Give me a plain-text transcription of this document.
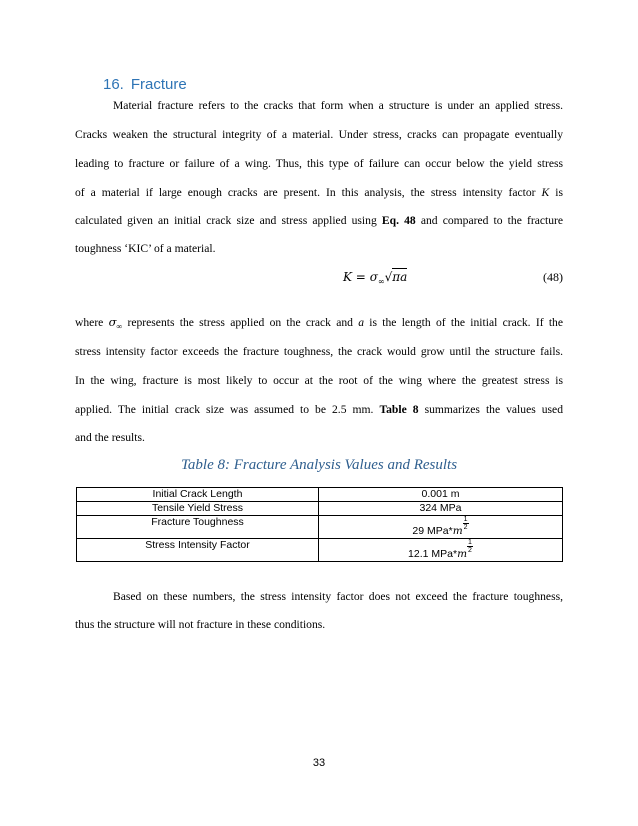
16. Fracture
Material fracture refers to the cracks that form when a structure is under an applied stress.
Cracks weaken the structural integrity of a material. Under stress, cracks can propagate eventually
leading to fracture or failure of a wing. Thus, this type of failure can occur below the yield stress
of a material if large enough cracks are present. In this analysis, the stress intensity factor K is
calculated given an initial crack size and stress applied using Eq. 48 and compared to the fracture
toughness ‘KIC’ of a material.
$K = \sigma_\infty√\pi a$	(48)
where $\sigma_\infty$ represents the stress applied on the crack and a is the length of the initial crack. If the
stress intensity factor exceeds the fracture toughness, the crack would grow until the structure fails.
In the wing, fracture is most likely to occur at the root of the wing where the greatest stress is
applied. The initial crack size was assumed to be 2.5 mm. Table 8 summarizes the values used
and the results.
Table 8: Fracture Analysis Values and Results
Initial Crack Length	0.001 m
Tensile Yield Stress	324 MPa
Fracture Toughness	29 $MPa*m \frac{1}{2}$

Stress Intensity Factor	12.1 $MPa*m \frac{1}{2}$
Based on these numbers, the stress intensity factor does not exceed the fracture toughness,
thus the structure will not fracture in these conditions.
33
